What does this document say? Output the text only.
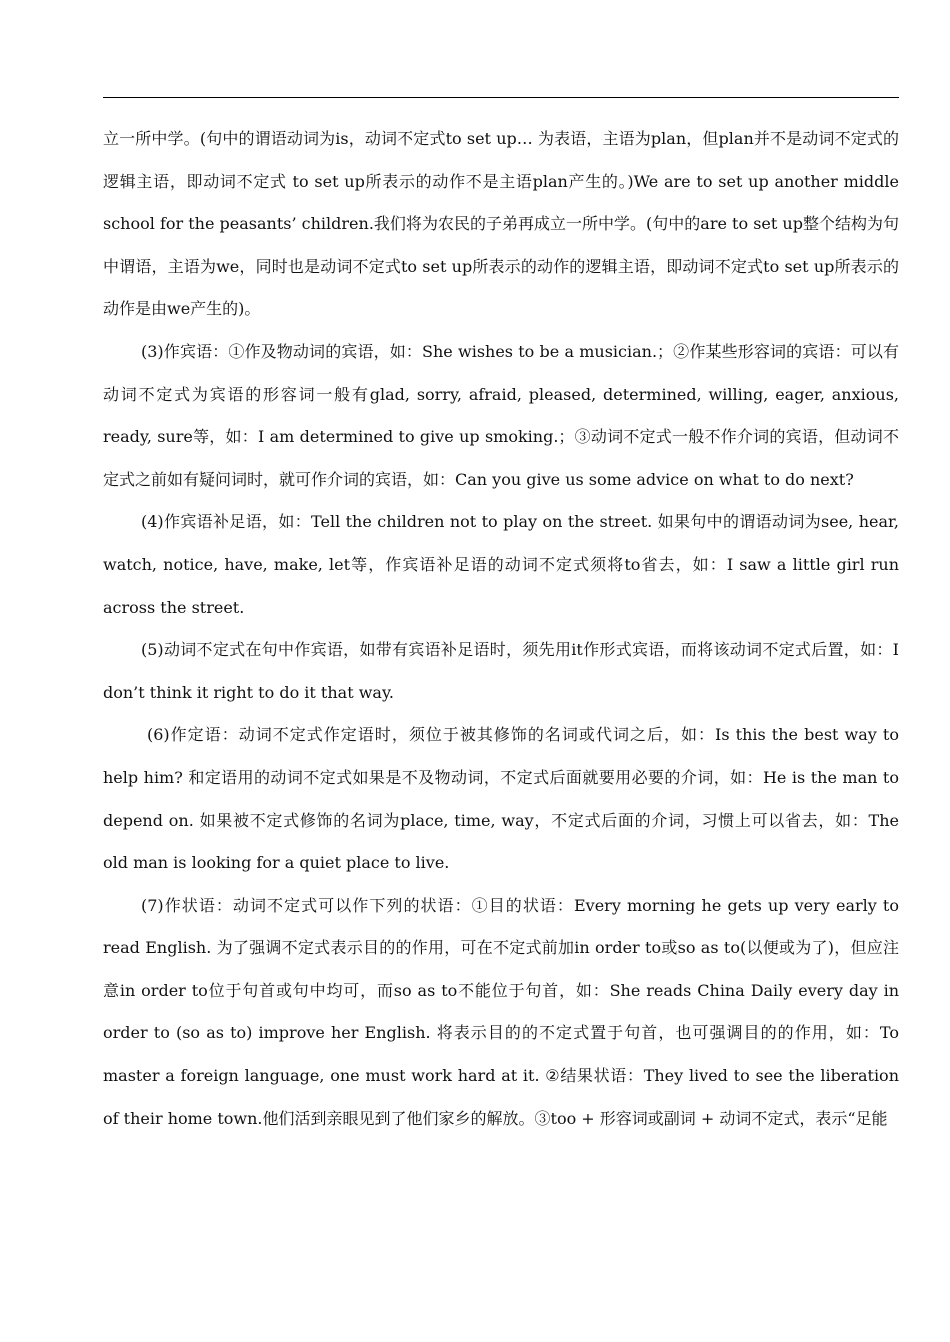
立一所中学。(句中的谓语动词为is，动词不定式to set up… 为表语，主语为plan，但plan并不是动词不定式的逻辑主语，即动词不定式 to set up所表示的动作不是主语plan产生的。)We are to set up another middle school for the peasants’ children.我们将为农民的子弟再成立一所中学。(句中的are to set up整个结构为句中谓语，主语为we，同时也是动词不定式to set up所表示的动作的逻辑主语，即动词不定式to set up所表示的动作是由we产生的)。

(3)作宾语：①作及物动词的宾语，如：She wishes to be a musician.；②作某些形容词的宾语：可以有动词不定式为宾语的形容词一般有glad, sorry, afraid, pleased, determined, willing, eager, anxious, ready, sure等，如：I am determined to give up smoking.；③动词不定式一般不作介词的宾语，但动词不定式之前如有疑问词时，就可作介词的宾语，如：Can you give us some advice on what to do next?

(4)作宾语补足语，如：Tell the children not to play on the street. 如果句中的谓语动词为see, hear, watch, notice, have, make, let等，作宾语补足语的动词不定式须将to省去，如：I saw a little girl run across the street.

(5)动词不定式在句中作宾语，如带有宾语补足语时，须先用it作形式宾语，而将该动词不定式后置，如：I don’t think it right to do it that way.

(6)作定语：动词不定式作定语时，须位于被其修饰的名词或代词之后，如：Is this the best way to help him? 和定语用的动词不定式如果是不及物动词，不定式后面就要用必要的介词，如：He is the man to depend on. 如果被不定式修饰的名词为place, time, way，不定式后面的介词，习惯上可以省去，如：The old man is looking for a quiet place to live.

(7)作状语：动词不定式可以作下列的状语：①目的状语：Every morning he gets up very early to read English. 为了强调不定式表示目的的作用，可在不定式前加in order to或so as to(以便或为了)，但应注意in order to位于句首或句中均可，而so as to不能位于句首，如：She reads China Daily every day in order to (so as to) improve her English. 将表示目的的不定式置于句首，也可强调目的的作用，如：To master a foreign language, one must work hard at it. ②结果状语：They lived to see the liberation of their home town.他们活到亲眼见到了他们家乡的解放。③too + 形容词或副词 + 动词不定式，表示“足能
